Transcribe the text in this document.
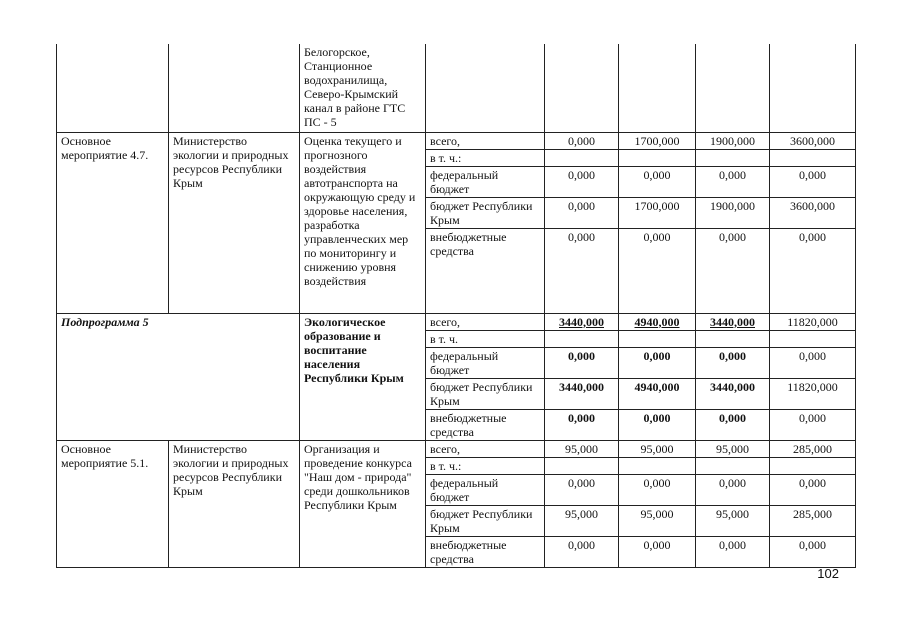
		Белогорское, Станционное водохранилища, Северо-Крымский канал в районе ГТС ПС - 5					
Основное мероприятие 4.7.	Министерство экологии и природных ресурсов Республики Крым	Оценка текущего и прогнозного воздействия автотранспорта на окружающую среду и здоровье населения, разработка управленческих мер по мониторингу и снижению уровня воздействия	всего,	0,000	1700,000	1900,000	3600,000
			в т. ч.:				
			федеральный бюджет	0,000	0,000	0,000	0,000
			бюджет Республики Крым	0,000	1700,000	1900,000	3600,000
			внебюджетные средства	0,000	0,000	0,000	0,000
Подпрограмма 5		Экологическое образование и воспитание населения Республики Крым	всего,	3440,000	4940,000	3440,000	11820,000
			в т. ч.				
			федеральный бюджет	0,000	0,000	0,000	0,000
			бюджет Республики Крым	3440,000	4940,000	3440,000	11820,000
			внебюджетные средства	0,000	0,000	0,000	0,000
Основное мероприятие 5.1.	Министерство экологии и природных ресурсов Республики Крым	Организация и проведение конкурса "Наш дом - природа" среди дошкольников Республики Крым	всего,	95,000	95,000	95,000	285,000
			в т. ч.:				
			федеральный бюджет	0,000	0,000	0,000	0,000
			бюджет Республики Крым	95,000	95,000	95,000	285,000
			внебюджетные средства	0,000	0,000	0,000	0,000
102
